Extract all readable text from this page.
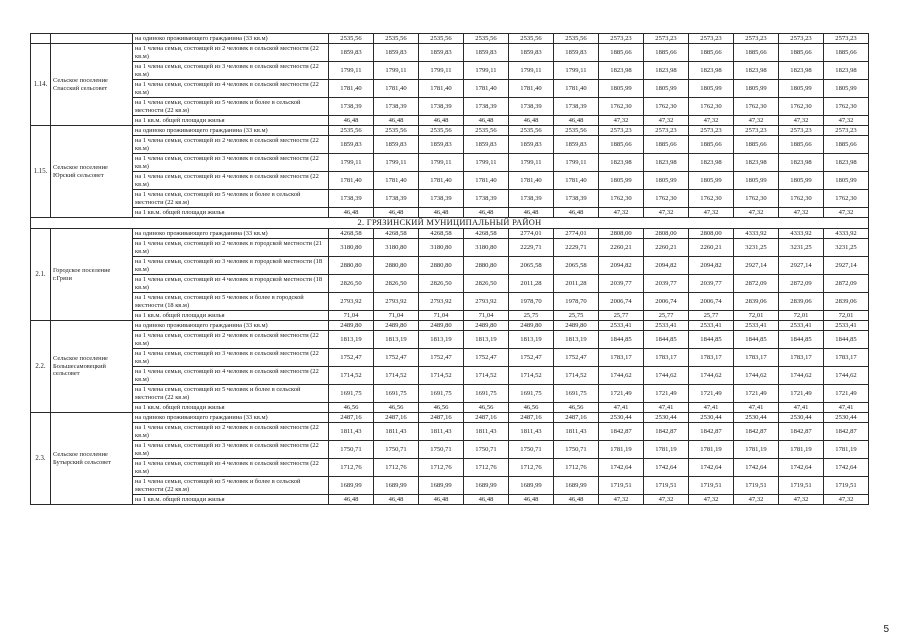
		на одиноко проживающего гражданина (33 кв.м)	2535,56	2535,56	2535,56	2535,56	2535,56	2535,56	2573,23	2573,23	2573,23	2573,23	2573,23	2573,23
1.14.	Сельское поселение Спасский сельсовет	на 1 члена семьи, состоящей из 2 человек в сельской местности (22 кв.м)	1859,83	1859,83	1859,83	1859,83	1859,83	1859,83	1885,66	1885,66	1885,66	1885,66	1885,66	1885,66
		на 1 члена семьи, состоящей из 3 человек в сельской местности (22 кв.м)	1799,11	1799,11	1799,11	1799,11	1799,11	1799,11	1823,98	1823,98	1823,98	1823,98	1823,98	1823,98
		на 1 члена семьи, состоящей из 4 человек в сельской местности (22 кв.м)	1781,40	1781,40	1781,40	1781,40	1781,40	1781,40	1805,99	1805,99	1805,99	1805,99	1805,99	1805,99
		на 1 члена семьи, состоящей из 5 человек и более в сельской местности (22 кв.м)	1738,39	1738,39	1738,39	1738,39	1738,39	1738,39	1762,30	1762,30	1762,30	1762,30	1762,30	1762,30
		на 1 кв.м. общей площади жилья	46,48	46,48	46,48	46,48	46,48	46,48	47,32	47,32	47,32	47,32	47,32	47,32
1.15.	Сельское поселение Юрский сельсовет	на одиноко проживающего гражданина (33 кв.м)	2535,56	2535,56	2535,56	2535,56	2535,56	2535,56	2573,23	2573,23	2573,23	2573,23	2573,23	2573,23
		на 1 члена семьи, состоящей из 2 человек в сельской местности (22 кв.м)	1859,83	1859,83	1859,83	1859,83	1859,83	1859,83	1885,66	1885,66	1885,66	1885,66	1885,66	1885,66
		на 1 члена семьи, состоящей из 3 человек в сельской местности (22 кв.м)	1799,11	1799,11	1799,11	1799,11	1799,11	1799,11	1823,98	1823,98	1823,98	1823,98	1823,98	1823,98
		на 1 члена семьи, состоящей из 4 человек в сельской местности (22 кв.м)	1781,40	1781,40	1781,40	1781,40	1781,40	1781,40	1805,99	1805,99	1805,99	1805,99	1805,99	1805,99
		на 1 члена семьи, состоящей из 5 человек и более в сельской местности (22 кв.м)	1738,39	1738,39	1738,39	1738,39	1738,39	1738,39	1762,30	1762,30	1762,30	1762,30	1762,30	1762,30
		на 1 кв.м. общей площади жилья	46,48	46,48	46,48	46,48	46,48	46,48	47,32	47,32	47,32	47,32	47,32	47,32
2. ГРЯЗИНСКИЙ МУНИЦИПАЛЬНЫЙ РАЙОН														
2.1.	Городское поселение г.Грязи	на одиноко проживающего гражданина (33 кв.м)	4268,58	4268,58	4268,58	4268,58	2774,01	2774,01	2808,00	2808,00	2808,00	4333,92	4333,92	4333,92
		на 1 члена семьи, состоящей из 2 человек в городской местности (21 кв.м)	3180,80	3180,80	3180,80	3180,80	2229,71	2229,71	2260,21	2260,21	2260,21	3231,25	3231,25	3231,25
		на 1 члена семьи, состоящей из 3 человек в городской местности (18 кв.м)	2880,80	2880,80	2880,80	2880,80	2065,58	2065,58	2094,82	2094,82	2094,82	2927,14	2927,14	2927,14
		на 1 члена семьи, состоящей из 4 человек в городской местности (18 кв.м)	2826,50	2826,50	2826,50	2826,50	2011,28	2011,28	2039,77	2039,77	2039,77	2872,09	2872,09	2872,09
		на 1 члена семьи, состоящей из 5 человек и более в городской местности (18 кв.м)	2793,92	2793,92	2793,92	2793,92	1978,70	1978,70	2006,74	2006,74	2006,74	2839,06	2839,06	2839,06
		на 1 кв.м. общей площади жилья	71,04	71,04	71,04	71,04	25,75	25,75	25,77	25,77	25,77	72,01	72,01	72,01
2.2.	Сельское поселение Большесамовецкий сельсовет	на одиноко проживающего гражданина (33 кв.м)	2489,80	2489,80	2489,80	2489,80	2489,80	2489,80	2533,41	2533,41	2533,41	2533,41	2533,41	2533,41
		на 1 члена семьи, состоящей из 2 человек в сельской местности (22 кв.м)	1813,19	1813,19	1813,19	1813,19	1813,19	1813,19	1844,85	1844,85	1844,85	1844,85	1844,85	1844,85
		на 1 члена семьи, состоящей из 3 человек в сельской местности (22 кв.м)	1752,47	1752,47	1752,47	1752,47	1752,47	1752,47	1783,17	1783,17	1783,17	1783,17	1783,17	1783,17
		на 1 члена семьи, состоящей из 4 человек в сельской местности (22 кв.м)	1714,52	1714,52	1714,52	1714,52	1714,52	1714,52	1744,62	1744,62	1744,62	1744,62	1744,62	1744,62
		на 1 члена семьи, состоящей из 5 человек и более в сельской местности (22 кв.м)	1691,75	1691,75	1691,75	1691,75	1691,75	1691,75	1721,49	1721,49	1721,49	1721,49	1721,49	1721,49
		на 1 кв.м. общей площади жилья	46,56	46,56	46,56	46,56	46,56	46,56	47,41	47,41	47,41	47,41	47,41	47,41
2.3.	Сельское поселение Бутырский сельсовет	на одиноко проживающего гражданина (33 кв.м)	2487,16	2487,16	2487,16	2487,16	2487,16	2487,16	2530,44	2530,44	2530,44	2530,44	2530,44	2530,44
		на 1 члена семьи, состоящей из 2 человек в сельской местности (22 кв.м)	1811,43	1811,43	1811,43	1811,43	1811,43	1811,43	1842,87	1842,87	1842,87	1842,87	1842,87	1842,87
		на 1 члена семьи, состоящей из 3 человек в сельской местности (22 кв.м)	1750,71	1750,71	1750,71	1750,71	1750,71	1750,71	1781,19	1781,19	1781,19	1781,19	1781,19	1781,19
		на 1 члена семьи, состоящей из 4 человек в сельской местности (22 кв.м)	1712,76	1712,76	1712,76	1712,76	1712,76	1712,76	1742,64	1742,64	1742,64	1742,64	1742,64	1742,64
		на 1 члена семьи, состоящей из 5 человек и более в сельской местности (22 кв.м)	1689,99	1689,99	1689,99	1689,99	1689,99	1689,99	1719,51	1719,51	1719,51	1719,51	1719,51	1719,51
		на 1 кв.м. общей площади жилья	46,48	46,48	46,48	46,48	46,48	46,48	47,32	47,32	47,32	47,32	47,32	47,32
5
